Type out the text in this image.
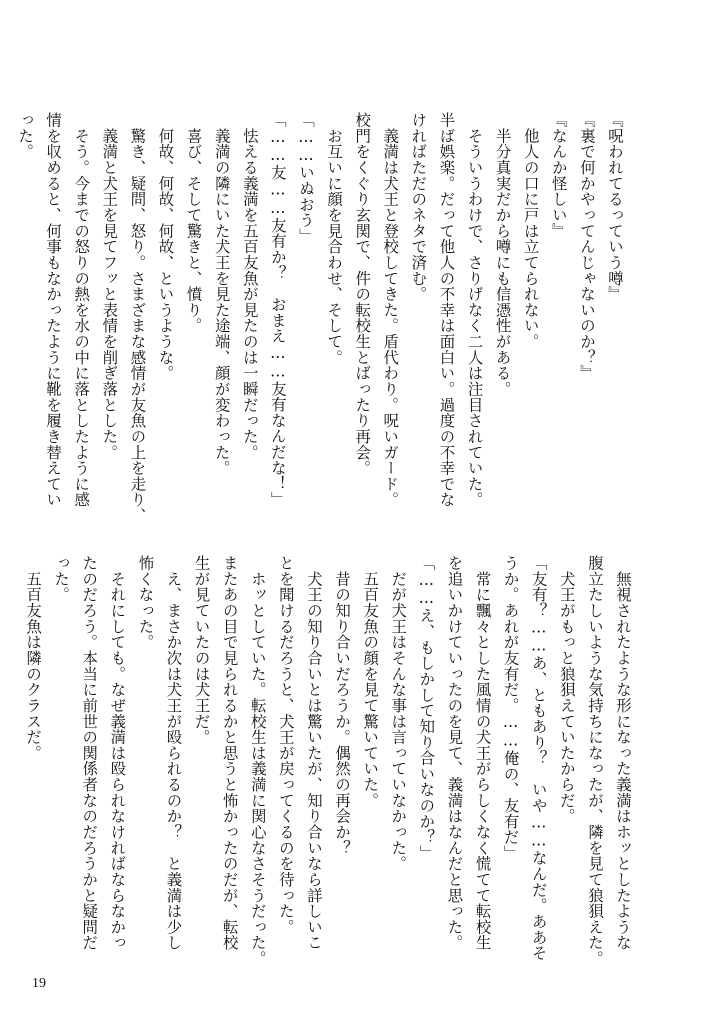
『呪われてるっていう噂』
『裏で何かやってんじゃないのか？』
『なんか怪しい』
　他人の口に戸は立てられない。
　半分真実だから噂にも信憑性がある。
　そういうわけで、さりげなく二人は注目されていた。
半ば娯楽。だって他人の不幸は面白い。過度の不幸でな
ければただのネタで済む。
　義満は犬王と登校してきた。盾代わり。呪いガード。
校門をくぐり玄関で、件の転校生とばったり再会。
　お互いに顔を見合わせ、そして。
「……いぬおう」
「……友……友有か？　おまえ……友有なんだな！」
　怯える義満を五百友魚が見たのは一瞬だった。
　義満の隣にいた犬王を見た途端、顔が変わった。
　喜び、そして驚きと、憤り。
　何故、何故、何故、というような。
　驚き、疑問、怒り。さまざまな感情が友魚の上を走り、
　義満と犬王を見てフッと表情を削ぎ落とした。
　そう。今までの怒りの熱を水の中に落としたように感
情を収めると、何事もなかったように靴を履き替えてい
った。
　無視されたような形になった義満はホッとしたような
腹立たしいような気持ちになったが、隣を見て狼狽えた。
　犬王がもっと狼狽えていたからだ。
「友有？……あ、ともあり？　いや……なんだ。ああそ
うか。あれが友有だ。……俺の、友有だ」
　常に飄々とした風情の犬王がらしくなく慌てて転校生
を追いかけていったのを見て、義満はなんだと思った。
「……え、もしかして知り合いなのか？」
　だが犬王はそんな事は言っていなかった。
　五百友魚の顔を見て驚いていた。
　昔の知り合いだろうか。偶然の再会か？
　犬王の知り合いとは驚いたが、知り合いなら詳しいこ
とを聞けるだろうと、犬王が戻ってくるのを待った。
　ホッとしていた。転校生は義満に関心なさそうだった。
またあの目で見られるかと思うと怖かったのだが、転校
生が見ていたのは犬王だ。
　え、まさか次は犬王が殴られるのか？　と義満は少し
怖くなった。
　それにしても。なぜ義満は殴られなければならなかっ
たのだろう。本当に前世の関係者なのだろうかと疑問だ
った。
　五百友魚は隣のクラスだ。
19
